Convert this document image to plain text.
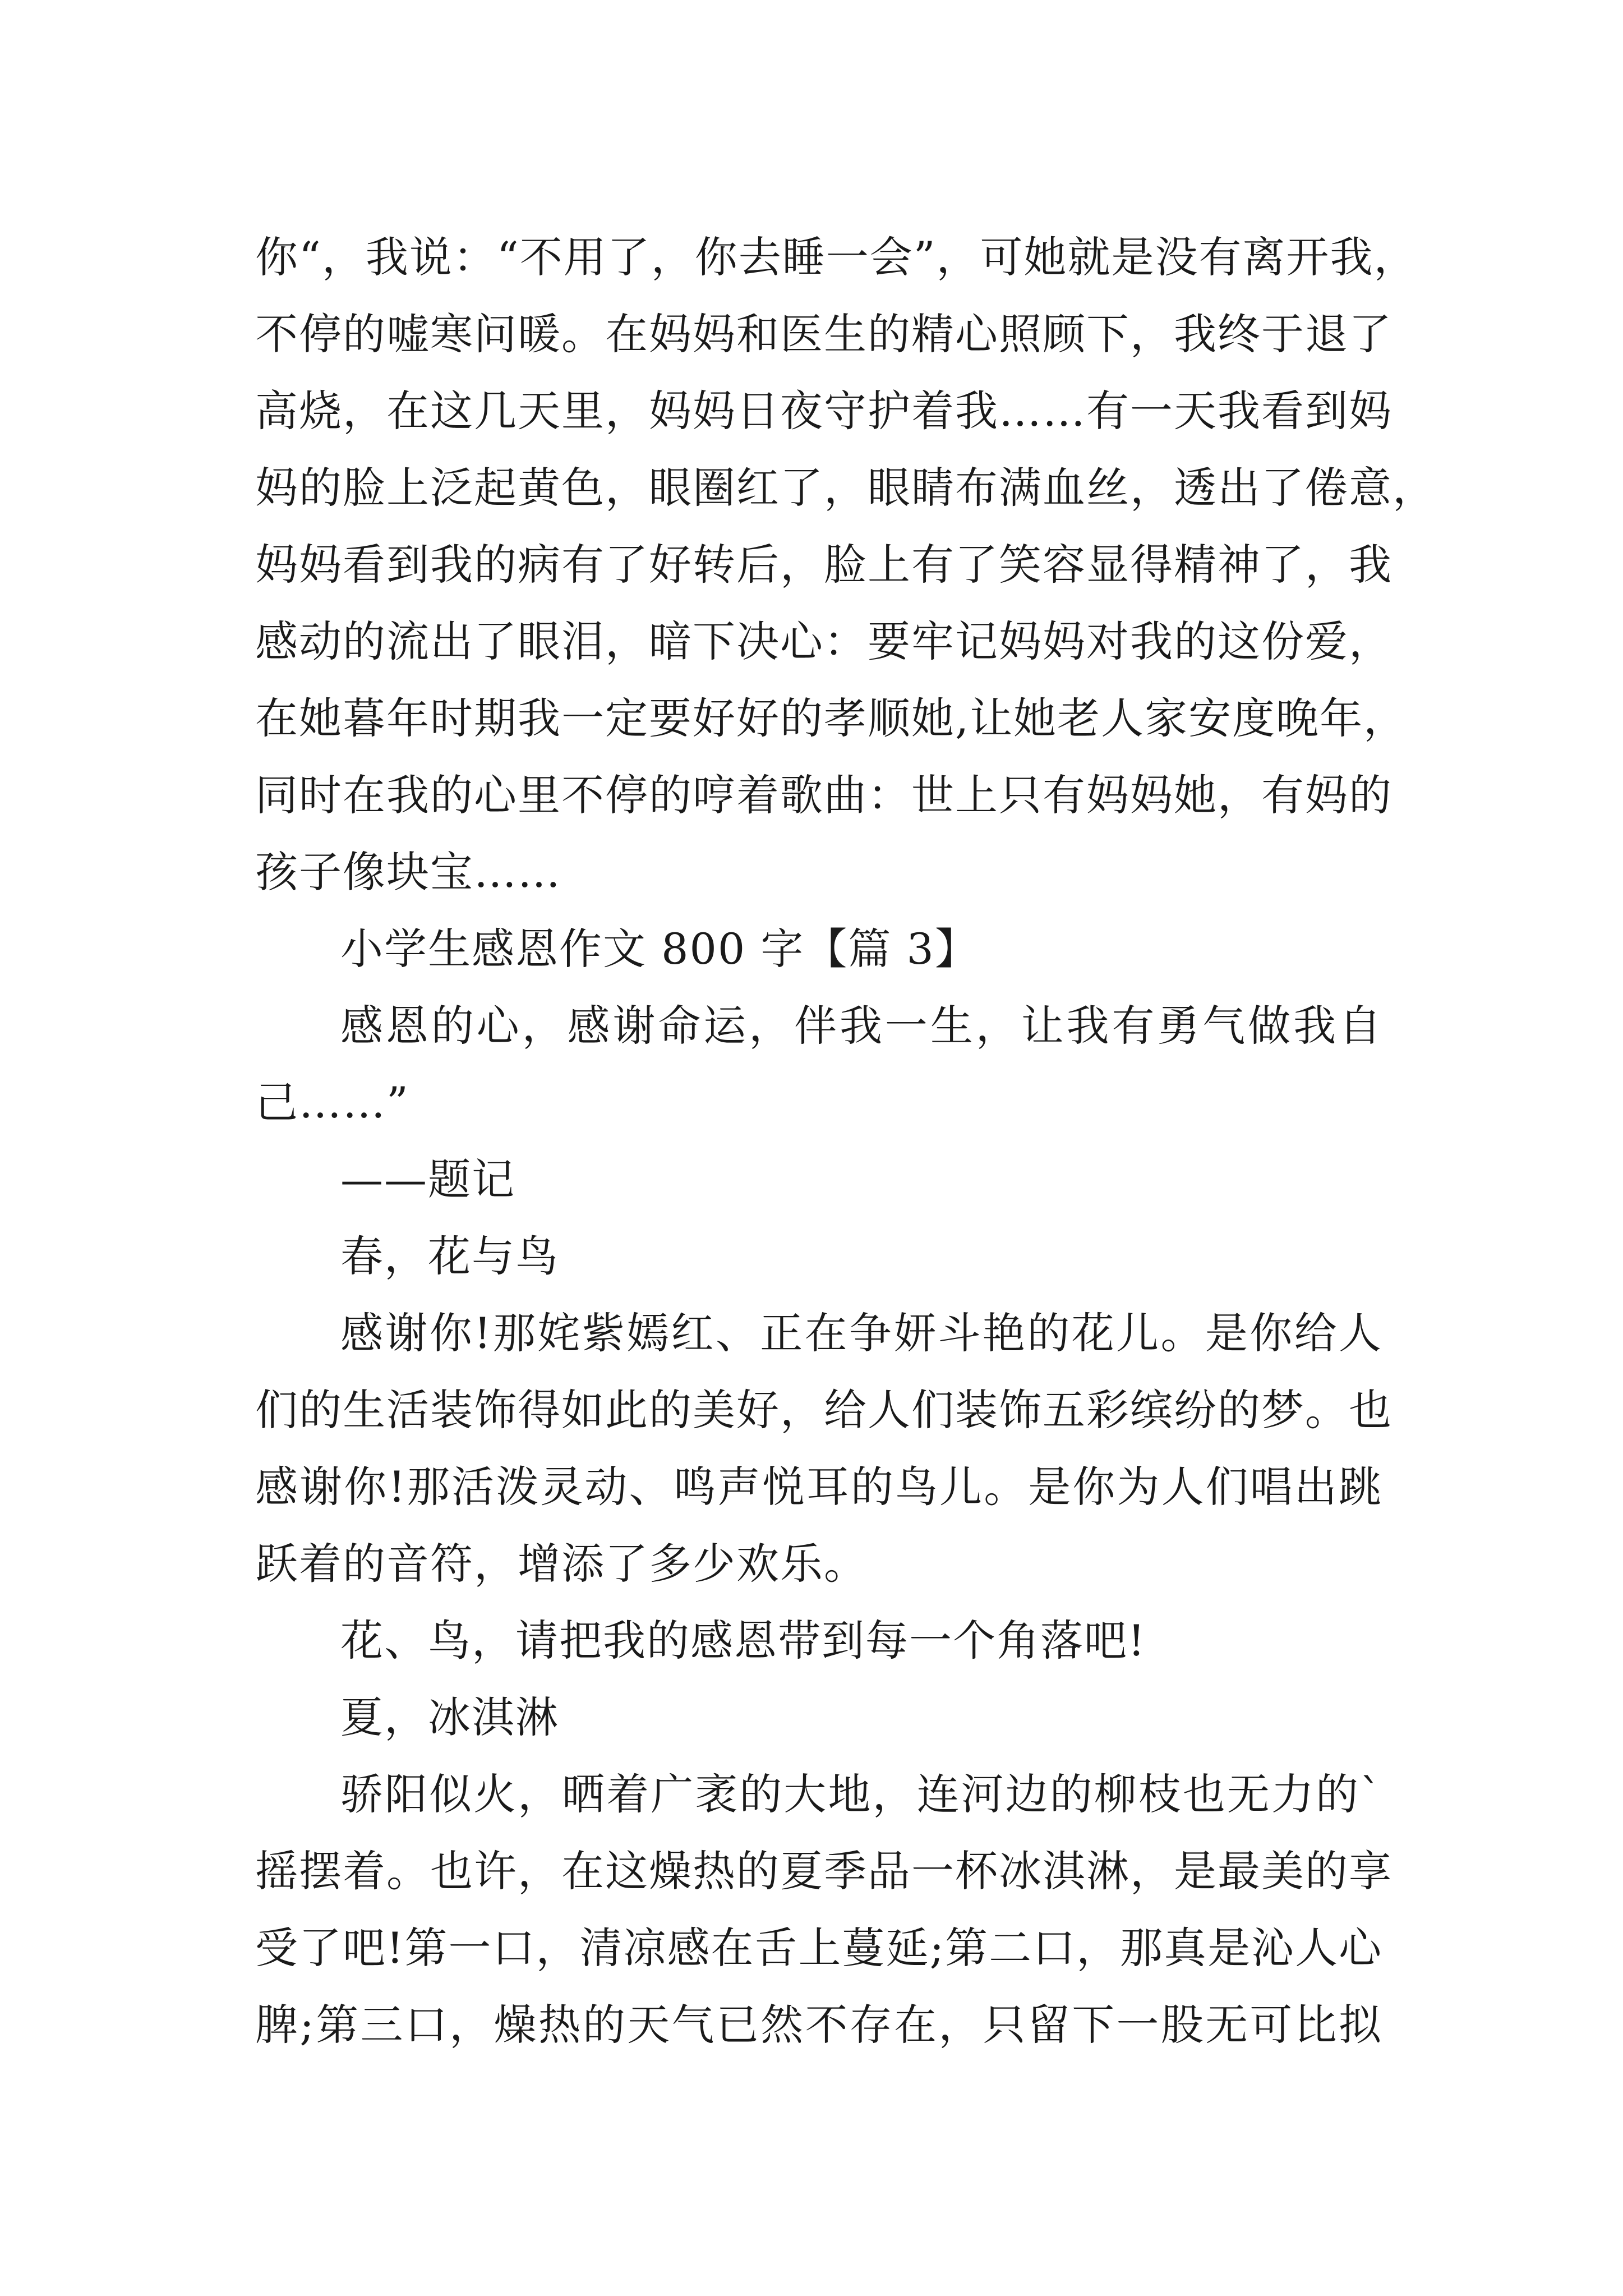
你“，我说：“不用了，你去睡一会”，可她就是没有离开我，
不停的嘘寒问暖。在妈妈和医生的精心照顾下，我终于退了
高烧，在这几天里，妈妈日夜守护着我……有一天我看到妈
妈的脸上泛起黄色，眼圈红了，眼睛布满血丝，透出了倦意，
妈妈看到我的病有了好转后，脸上有了笑容显得精神了，我
感动的流出了眼泪，暗下决心：要牢记妈妈对我的这份爱，
在她暮年时期我一定要好好的孝顺她,让她老人家安度晚年，
同时在我的心里不停的哼着歌曲：世上只有妈妈她，有妈的
孩子像块宝……
小学生感恩作文 800 字【篇 3】
感恩的心，感谢命运，伴我一生，让我有勇气做我自
己……”
——题记
春，花与鸟
感谢你!那姹紫嫣红、正在争妍斗艳的花儿。是你给人
们的生活装饰得如此的美好，给人们装饰五彩缤纷的梦。也
感谢你!那活泼灵动、鸣声悦耳的鸟儿。是你为人们唱出跳
跃着的音符，增添了多少欢乐。
花、鸟，请把我的感恩带到每一个角落吧!
夏，冰淇淋
骄阳似火，晒着广袤的大地，连河边的柳枝也无力的`
摇摆着。也许，在这燥热的夏季品一杯冰淇淋，是最美的享
受了吧!第一口，清凉感在舌上蔓延;第二口，那真是沁人心
脾;第三口，燥热的天气已然不存在，只留下一股无可比拟
